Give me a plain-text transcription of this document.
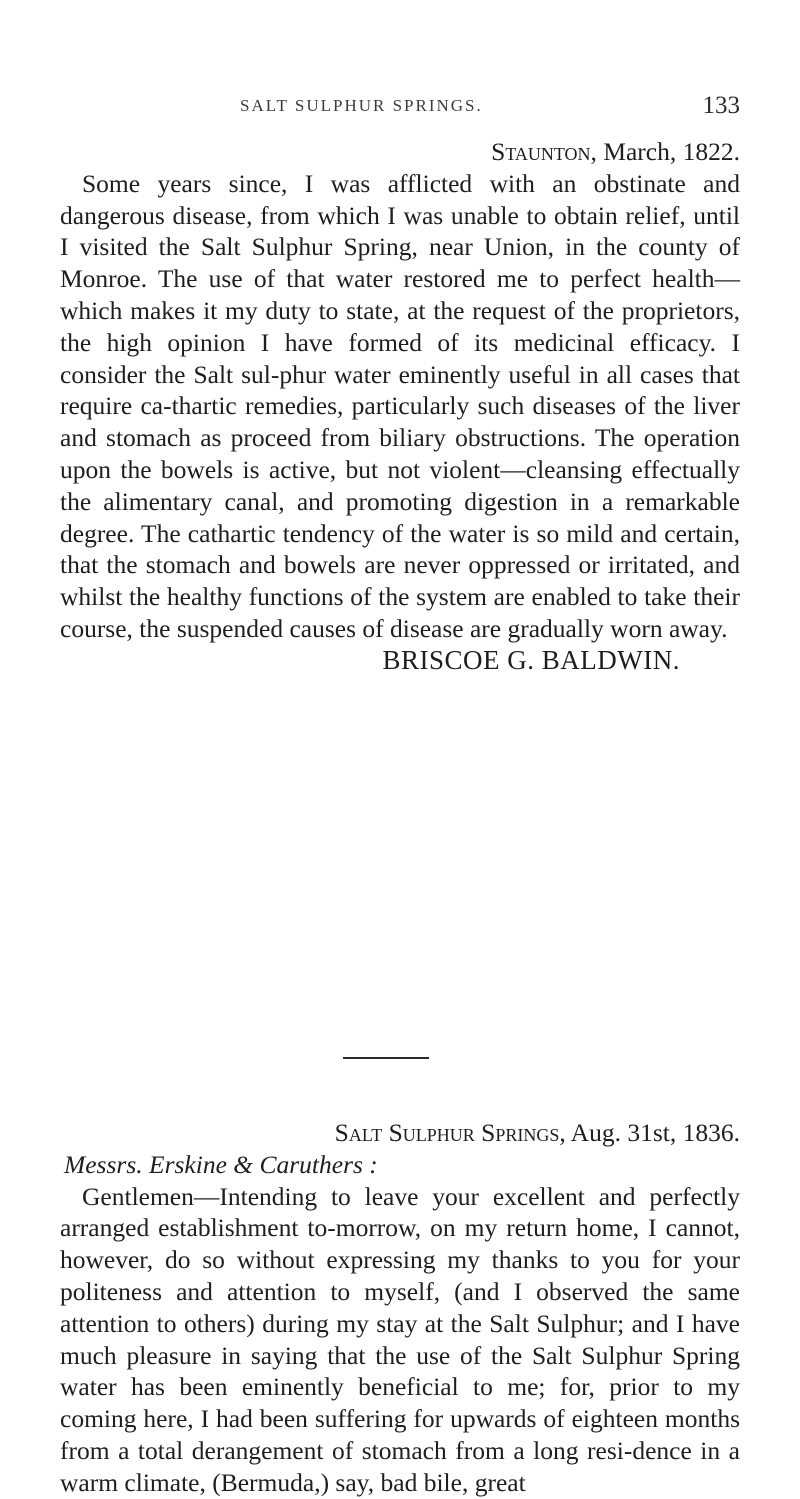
SALT SULPHUR SPRINGS.	133
Staunton, March, 1822.

Some years since, I was afflicted with an obstinate and dangerous disease, from which I was unable to obtain relief, until I visited the Salt Sulphur Spring, near Union, in the county of Monroe. The use of that water restored me to perfect health—which makes it my duty to state, at the request of the proprietors, the high opinion I have formed of its medicinal efficacy. I consider the Salt sul-phur water eminently useful in all cases that require ca-thartic remedies, particularly such diseases of the liver and stomach as proceed from biliary obstructions. The operation upon the bowels is active, but not violent—cleansing effectually the alimentary canal, and promoting digestion in a remarkable degree. The cathartic tendency of the water is so mild and certain, that the stomach and bowels are never oppressed or irritated, and whilst the healthy functions of the system are enabled to take their course, the suspended causes of disease are gradually worn away.

BRISCOE G. BALDWIN.
Salt Sulphur Springs, Aug. 31st, 1836.
Messrs. Erskine & Caruthers :

Gentlemen—Intending to leave your excellent and perfectly arranged establishment to-morrow, on my return home, I cannot, however, do so without expressing my thanks to you for your politeness and attention to myself, (and I observed the same attention to others) during my stay at the Salt Sulphur; and I have much pleasure in saying that the use of the Salt Sulphur Spring water has been eminently beneficial to me; for, prior to my coming here, I had been suffering for upwards of eighteen months from a total derangement of stomach from a long resi-dence in a warm climate, (Bermuda,) say, bad bile, great
